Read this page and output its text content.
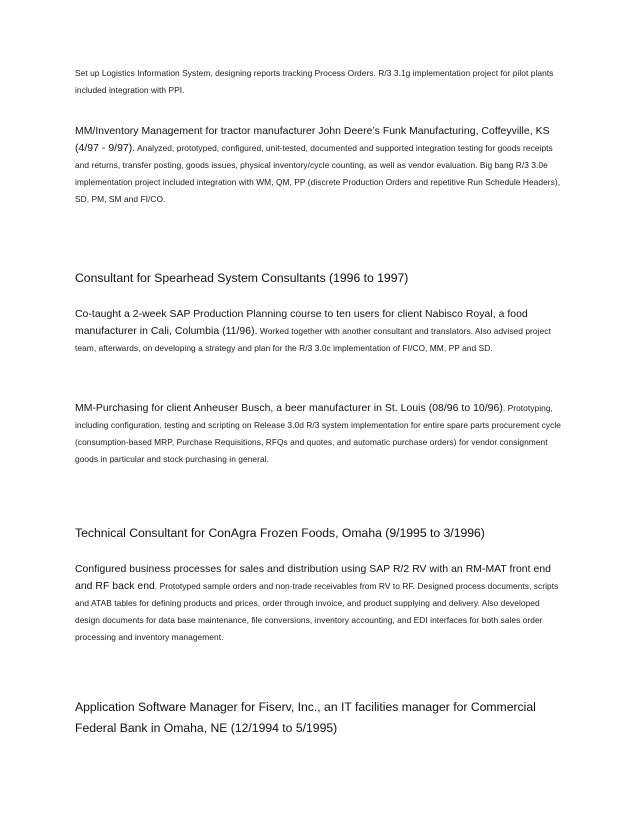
Set up Logistics Information System, designing reports tracking Process Orders. R/3 3.1g implementation project for pilot plants included integration with PPI.

MM/Inventory Management for tractor manufacturer John Deere’s Funk Manufacturing, Coffeyville, KS (4/97 - 9/97). Analyzed, prototyped, configured, unit-tested, documented and supported integration testing for goods receipts and returns, transfer posting, goods issues, physical inventory/cycle counting, as well as vendor evaluation. Big bang R/3 3.0e implementation project included integration with WM, QM, PP (discrete Production Orders and repetitive Run Schedule Headers), SD, PM, SM and FI/CO.

Consultant for Spearhead System Consultants (1996 to 1997)

Co-taught a 2-week SAP Production Planning course to ten users for client Nabisco Royal, a food manufacturer in Cali, Columbia (11/96). Worked together with another consultant and translators. Also advised project team, afterwards, on developing a strategy and plan for the R/3 3.0c implementation of FI/CO, MM, PP and SD.

MM-Purchasing for client Anheuser Busch, a beer manufacturer in St. Louis (08/96 to 10/96). Prototyping, including configuration, testing and scripting on Release 3.0d R/3 system implementation for entire spare parts procurement cycle (consumption-based MRP, Purchase Requisitions, RFQs and quotes, and automatic purchase orders) for vendor consignment goods in particular and stock purchasing in general.

Technical Consultant for ConAgra Frozen Foods, Omaha (9/1995 to 3/1996)

Configured business processes for sales and distribution using SAP R/2 RV with an RM-MAT front end and RF back end. Prototyped sample orders and non-trade receivables from RV to RF. Designed process documents, scripts and ATAB tables for defining products and prices, order through invoice, and product supplying and delivery. Also developed design documents for data base maintenance, file conversions, inventory accounting, and EDI interfaces for both sales order processing and inventory management.

Application Software Manager for Fiserv, Inc., an IT facilities manager for Commercial Federal Bank in Omaha, NE (12/1994 to 5/1995)
